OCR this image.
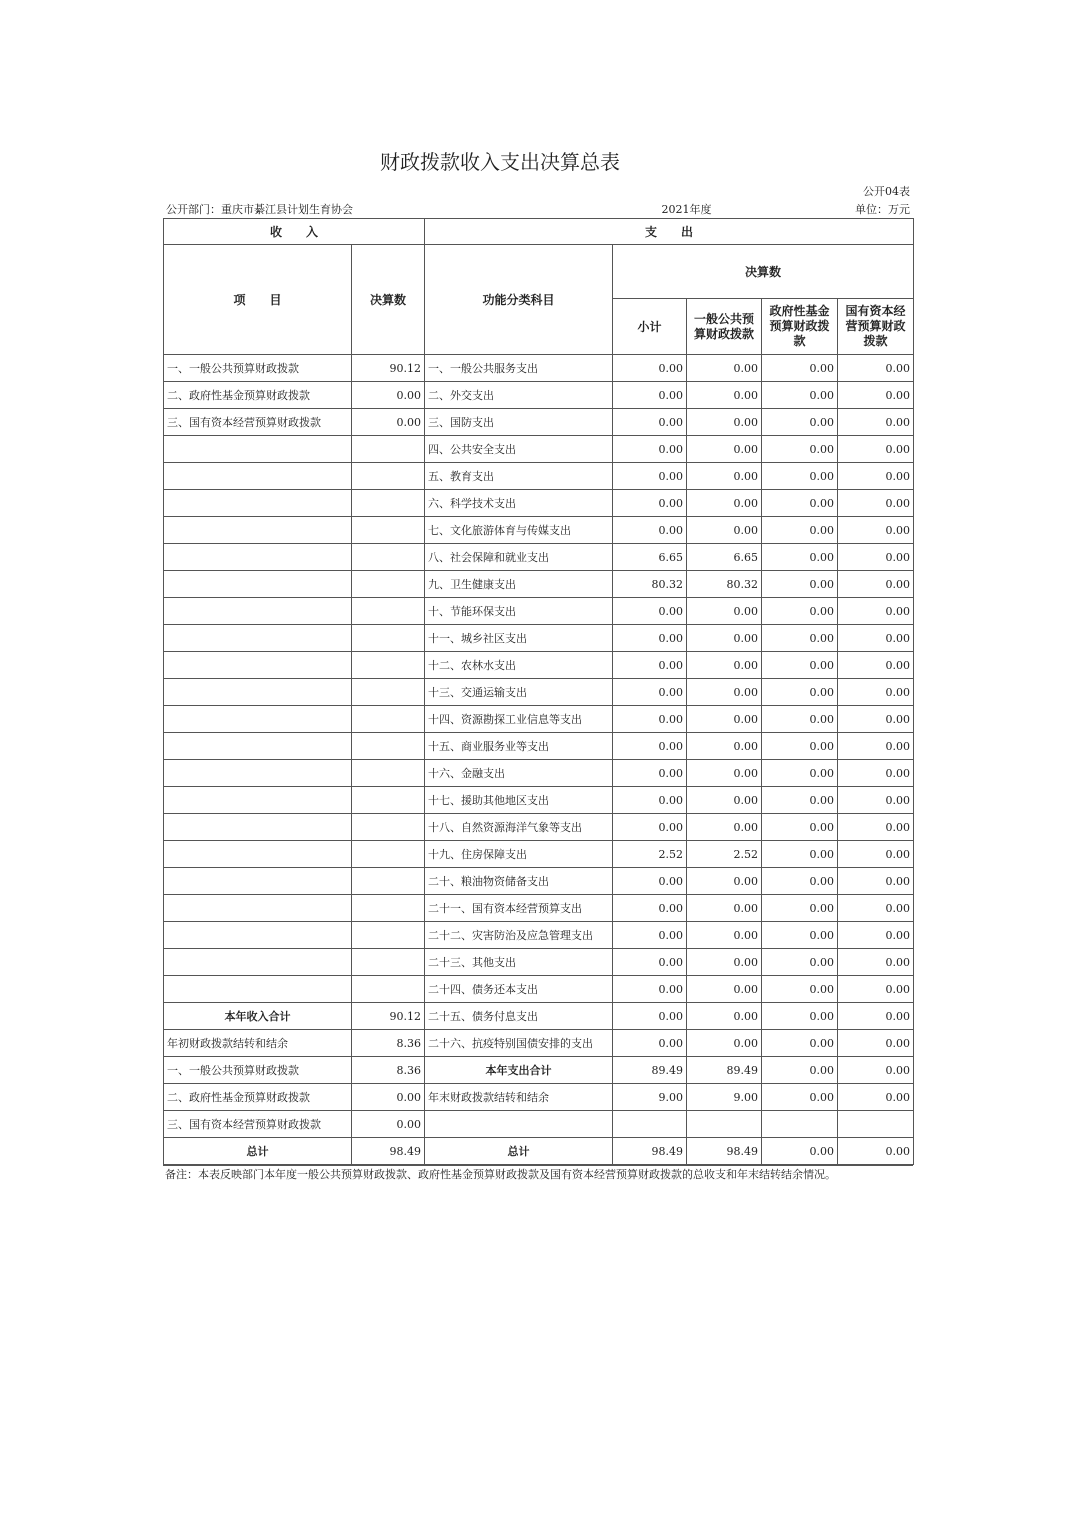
财政拨款收入支出决算总表				
				公开04表
公开部门：重庆市綦江县计划生育协会		2021年度		单位：万元
收　　入		支　　出				
项　　目	决算数	功能分类科目	决算数			
			小计	一般公共预算财政拨款	政府性基金预算财政拨款	国有资本经营预算财政拨款
一、一般公共预算财政拨款	90.12	一、一般公共服务支出	0.00	0.00	0.00	0.00
二、政府性基金预算财政拨款	0.00	二、外交支出	0.00	0.00	0.00	0.00
三、国有资本经营预算财政拨款	0.00	三、国防支出	0.00	0.00	0.00	0.00
		四、公共安全支出	0.00	0.00	0.00	0.00
		五、教育支出	0.00	0.00	0.00	0.00
		六、科学技术支出	0.00	0.00	0.00	0.00
		七、文化旅游体育与传媒支出	0.00	0.00	0.00	0.00
		八、社会保障和就业支出	6.65	6.65	0.00	0.00
		九、卫生健康支出	80.32	80.32	0.00	0.00
		十、节能环保支出	0.00	0.00	0.00	0.00
		十一、城乡社区支出	0.00	0.00	0.00	0.00
		十二、农林水支出	0.00	0.00	0.00	0.00
		十三、交通运输支出	0.00	0.00	0.00	0.00
		十四、资源勘探工业信息等支出	0.00	0.00	0.00	0.00
		十五、商业服务业等支出	0.00	0.00	0.00	0.00
		十六、金融支出	0.00	0.00	0.00	0.00
		十七、援助其他地区支出	0.00	0.00	0.00	0.00
		十八、自然资源海洋气象等支出	0.00	0.00	0.00	0.00
		十九、住房保障支出	2.52	2.52	0.00	0.00
		二十、粮油物资储备支出	0.00	0.00	0.00	0.00
		二十一、国有资本经营预算支出	0.00	0.00	0.00	0.00
		二十二、灾害防治及应急管理支出	0.00	0.00	0.00	0.00
		二十三、其他支出	0.00	0.00	0.00	0.00
		二十四、债务还本支出	0.00	0.00	0.00	0.00
本年收入合计	90.12	二十五、债务付息支出	0.00	0.00	0.00	0.00
年初财政拨款结转和结余	8.36	二十六、抗疫特别国债安排的支出	0.00	0.00	0.00	0.00
一、一般公共预算财政拨款	8.36	本年支出合计	89.49	89.49	0.00	0.00
二、政府性基金预算财政拨款	0.00	年末财政拨款结转和结余	9.00	9.00	0.00	0.00
三、国有资本经营预算财政拨款	0.00					
总计	98.49	总计	98.49	98.49	0.00	0.00
备注：本表反映部门本年度一般公共预算财政拨款、政府性基金预算财政拨款及国有资本经营预算财政拨款的总收支和年末结转结余情况。
